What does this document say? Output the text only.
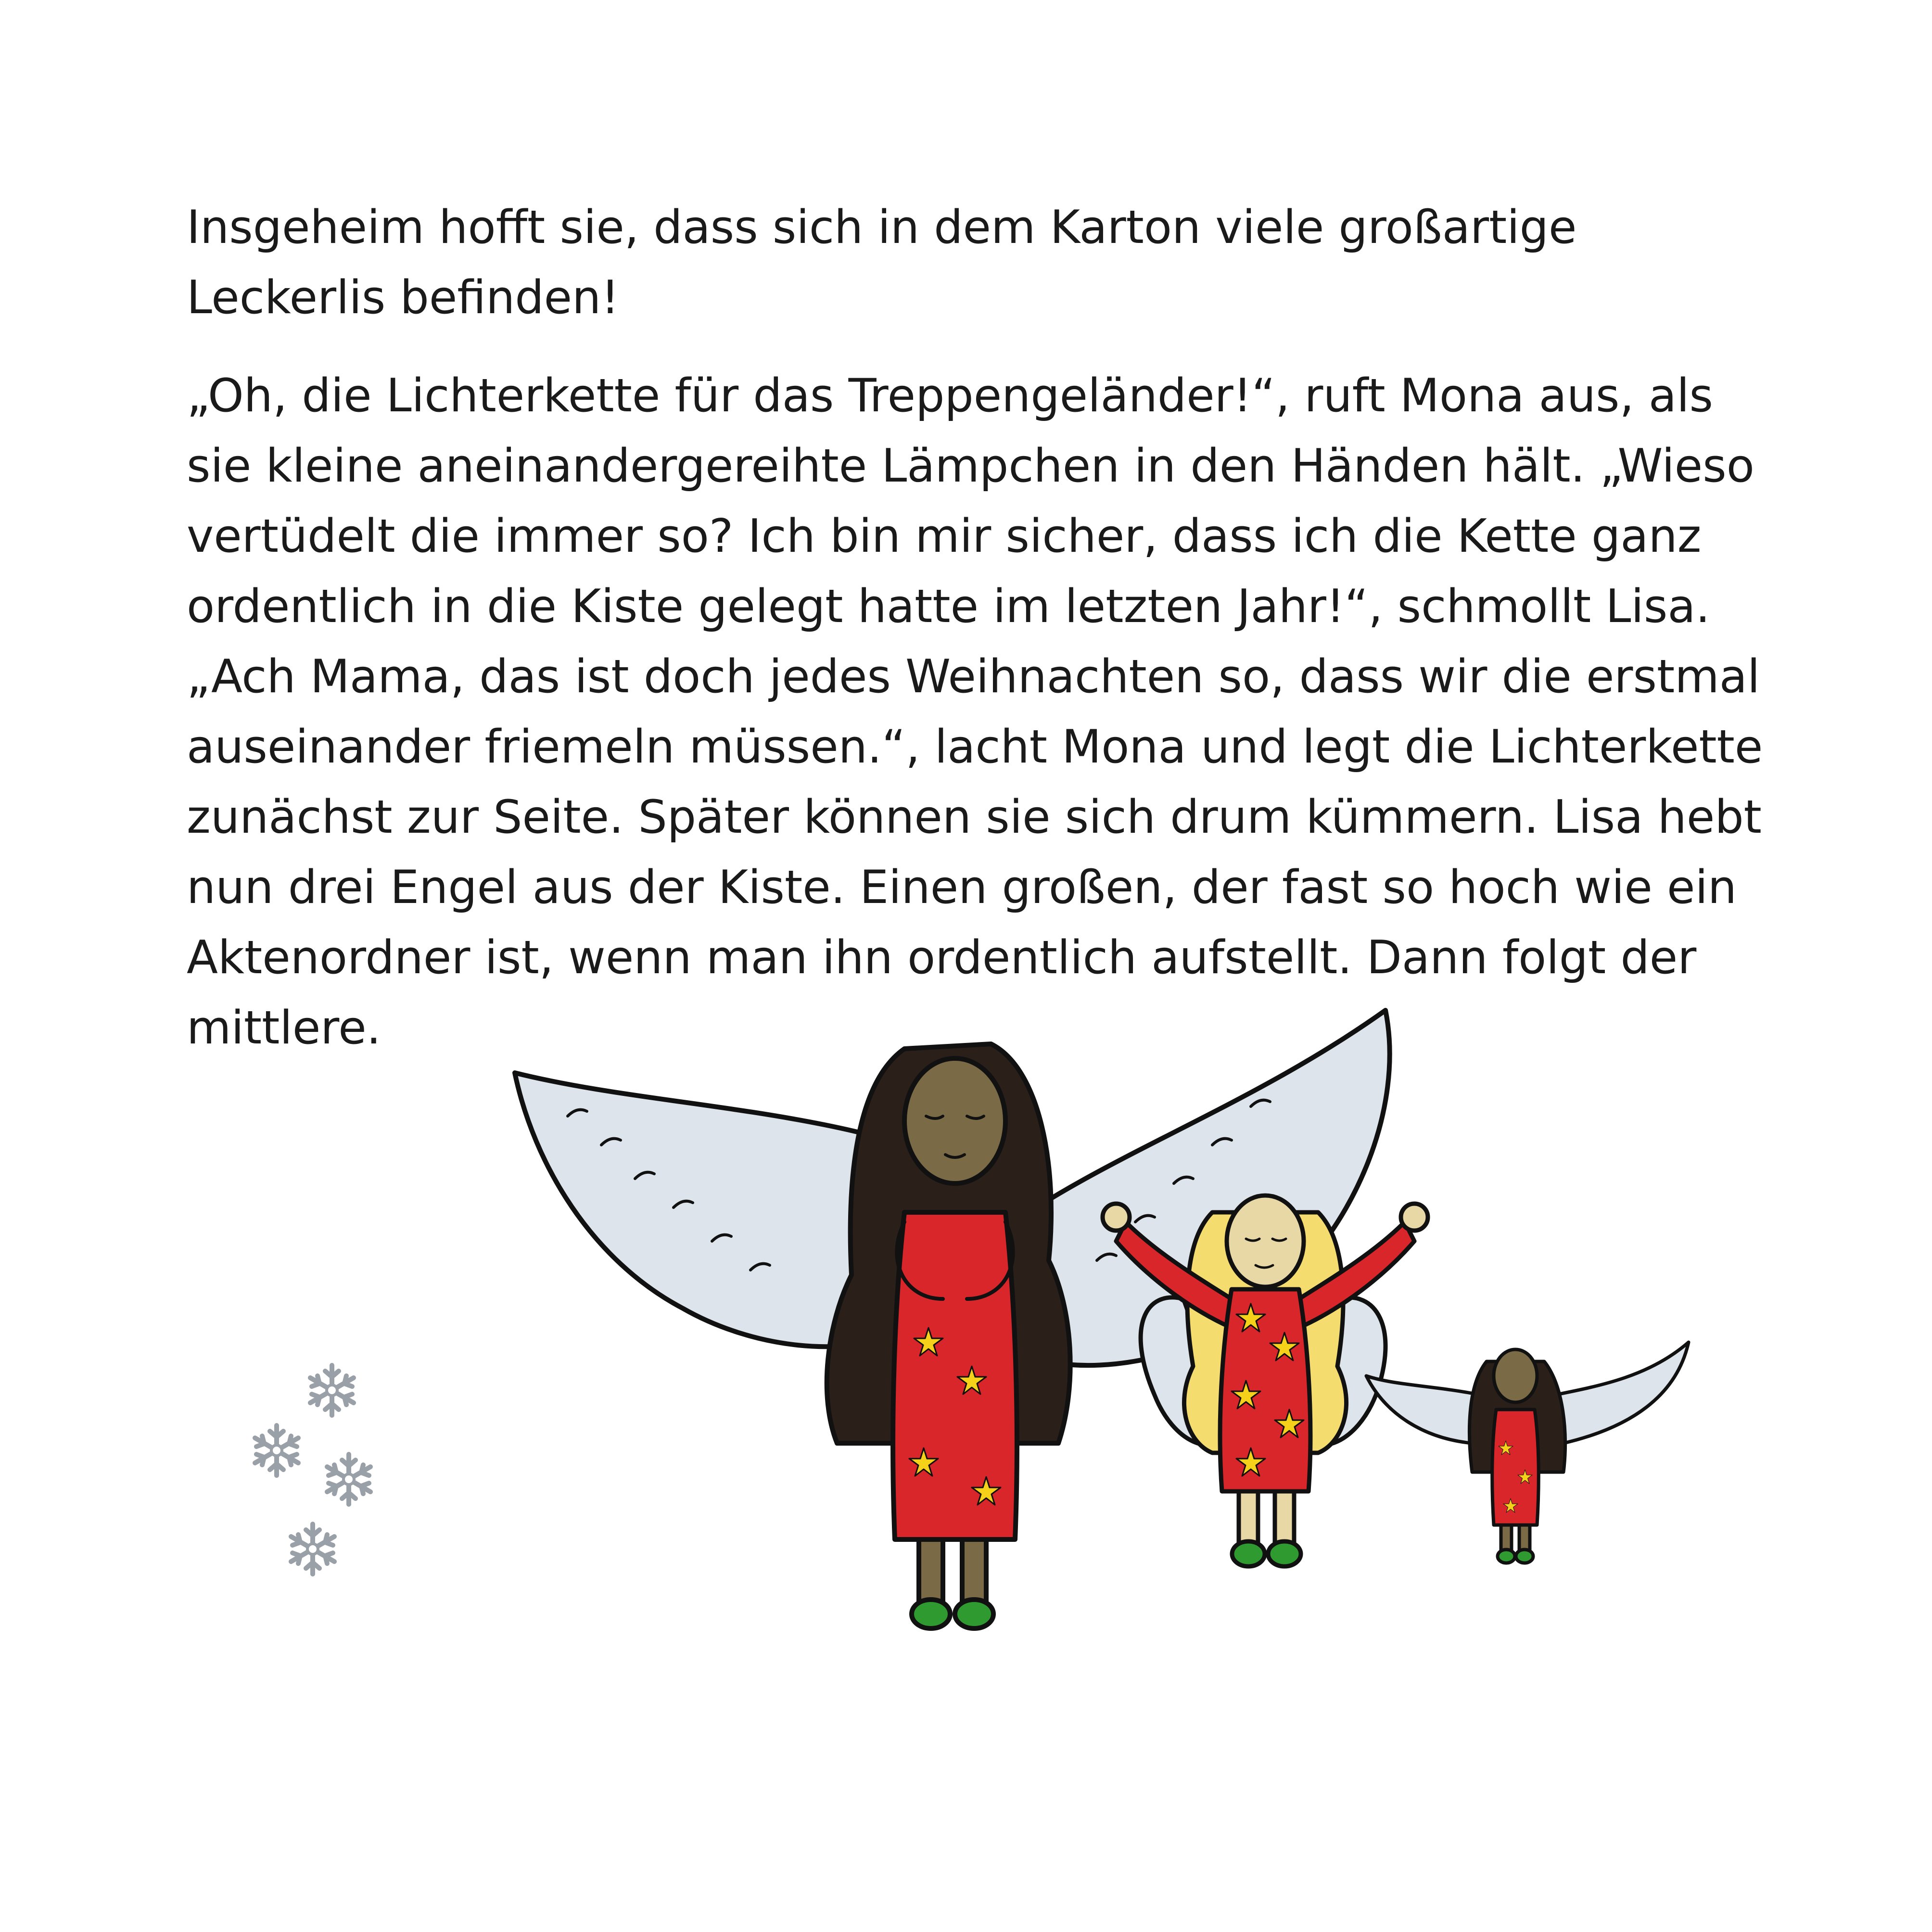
Insgeheim hofft sie, dass sich in dem Karton viele großartige Leckerlis befinden!

„Oh, die Lichterkette für das Treppengeländer!“, ruft Mona aus, als sie kleine aneinandergereihte Lämpchen in den Händen hält. „Wieso vertüdelt die immer so? Ich bin mir sicher, dass ich die Kette ganz ordentlich in die Kiste gelegt hatte im letzten Jahr!“, schmollt Lisa. „Ach Mama, das ist doch jedes Weihnachten so, dass wir die erstmal auseinander friemeln müssen.“, lacht Mona und legt die Lichterkette zunächst zur Seite. Später können sie sich drum kümmern. Lisa hebt nun drei Engel aus der Kiste. Einen großen, der fast so hoch wie ein Aktenordner ist, wenn man ihn ordentlich aufstellt. Dann folgt der mittlere.
